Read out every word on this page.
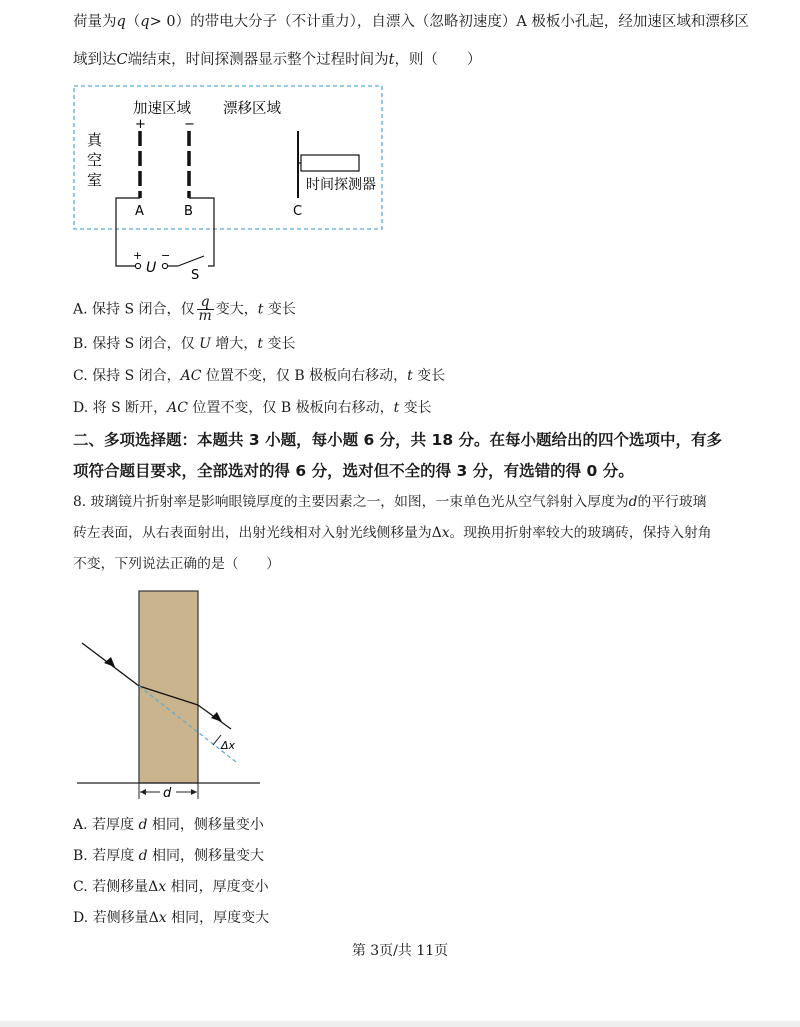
荷量为q（q> 0）的带电大分子（不计重力），自漂入（忽略初速度）A 极板小孔起，经加速区域和漂移区
域到达C端结束，时间探测器显示整个过程时间为t，则（　　）
真
空
室
加速区域 漂移区域
+	−
时间探测器
A	B	C
+
U
−
S
A. 保持 S 闭合，仅 $\frac{q}{m}$ 变大，t 变长
B. 保持 S 闭合，仅 U 增大，t 变长
C. 保持 S 闭合，AC 位置不变，仅 B 极板向右移动，t 变长
D. 将 S 断开，AC 位置不变，仅 B 极板向右移动，t 变长
二、多项选择题：本题共 3 小题，每小题 6 分，共 18 分。在每小题给出的四个选项中，有多
项符合题目要求，全部选对的得 6 分，选对但不全的得 3 分，有选错的得 0 分。
8. 玻璃镜片折射率是影响眼镜厚度的主要因素之一，如图，一束单色光从空气斜射入厚度为d的平行玻璃
砖左表面，从右表面射出，出射光线相对入射光线侧移量为Δx。现换用折射率较大的玻璃砖，保持入射角
不变，下列说法正确的是（　　）
Δx
d
A. 若厚度 d 相同，侧移量变小
B. 若厚度 d 相同，侧移量变大
C. 若侧移量Δx 相同，厚度变小
D. 若侧移量Δx 相同，厚度变大
第 3页/共 11页
